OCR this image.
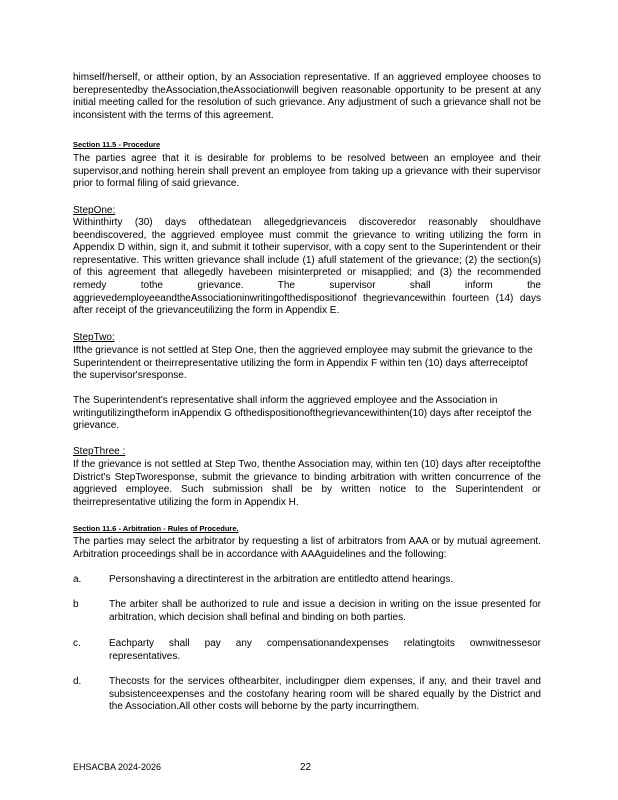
himself/herself, or attheir option, by an Association representative. If an aggrieved employee chooses to berepresentedby theAssociation,theAssociationwill begiven reasonable opportunity to be present at any initial meeting called for the resolution of such grievance. Any adjustment of such a grievance shall not be inconsistent with the terms of this agreement.

Section 11.5 - Procedure

The parties agree that it is desirable for problems to be resolved between an employee and their supervisor,and nothing herein shall prevent an employee from taking up a grievance with their supervisor prior to formal filing of said grievance.

StepOne:

Withinthirty (30) days ofthedatean allegedgrievanceis discoveredor reasonably shouldhave beendiscovered, the aggrieved employee must commit the grievance to writing utilizing the form in Appendix D within, sign it, and submit it totheir supervisor, with a copy sent to the Superintendent or their representative. This written grievance shall include (1) afull statement of the grievance; (2) the section(s) of this agreement that allegedly havebeen misinterpreted or misapplied; and (3) the recommended remedy tothe grievance. The supervisor shall inform the aggrievedemployeeandtheAssociationinwritingofthedispositionof thegrievancewithin fourteen (14) days after receipt of the grievanceutilizing the form in Appendix E.

StepTwo:

Ifthe grievance is not settled at Step One, then the aggrieved employee may submit the grievance to the Superintendent or theirrepresentative utilizing the form in Appendix F within ten (10) days afterreceiptof the supervisor'sresponse.

The Superintendent's representative shall inform the aggrieved employee and the Association in writingutilizingtheform inAppendix G ofthedispositionofthegrievancewithinten(10) days after receiptof the grievance.

StepThree :

If the grievance is not settled at Step Two, thenthe Association may, within ten (10) days after receiptofthe District's StepTworesponse, submit the grievance to binding arbitration with written concurrence of the aggrieved employee. Such submission shall be by written notice to the Superintendent or theirrepresentative utilizing the form in Appendix H.

Section 11.6 - Arbitration - Rules of Procedure.

The parties may select the arbitrator by requesting a list of arbitrators from AAA or by mutual agreement. Arbitration proceedings shall be in accordance with AAAguidelines and the following:

a.	Personshaving a directinterest in the arbitration are entitledto attend hearings.

b	The arbiter shall be authorized to rule and issue a decision in writing on the issue presented for arbitration, which decision shall befinal and binding on both parties.

c.	Eachparty shall pay any compensationandexpenses relatingtoits ownwitnessesor representatives.

d.	Thecosts for the services ofthearbiter, includingper diem expenses, if any, and their travel and subsistenceexpenses and the costofany hearing room will be shared equally by the District and the Association.All other costs will beborne by the party incurringthem.

EHSACBA 2024-2026	22
